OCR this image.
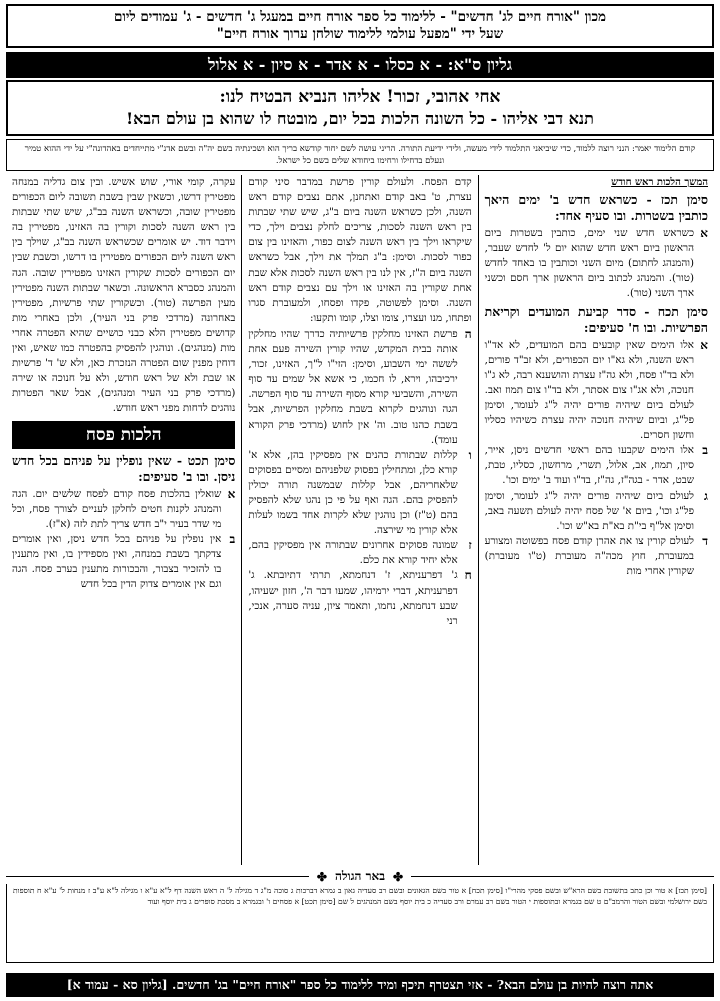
מכון "אורח חיים לג' חדשים" - ללימוד כל ספר אורח חיים במעגל ג' חדשים - ג' עמודים ליום
שעל ידי "מפעל עולמי ללימוד שולחן ערוך אורח חיים"
גליון ס"א: - א כסלו - א אדר - א סיון - א אלול
אחי אהובי, זכור! אליהו הנביא הבטיח לנו:
תנא דבי אליהו - כל השונה הלכות בכל יום, מובטח לו שהוא בן עולם הבא!
קודם הלימוד יאמר: הנני רוצה ללמוד, כדי שיביאני התלמוד לידי מעשה, ולידי ידיעת התורה. הריני עושה לשם יחוד קודשא בריך הוא ושכינתיה בשם יה"ה ובשם אדנ"י מתייחדים באהדונה"י על ידי ההוא טמיר ונעלם בדחילו ורחימו ביחודא שלים בשם כל ישראל.
המשך הלכות ראש חודש
סימן תכז - כשראש חדש ב' ימים היאך כותבין בשטרות. ובו סעיף אחד:
א
כשראש חדש שני ימים, כותבין בשטרות ביום הראשון ביום ראש חדש שהוא יום ל' לחדש שעבר, (והמנהג לחתום) מיום השני וכותבין בו באחד לחדש (טור). והמנהג לכתוב ביום הראשון ארך חסם וכשני ארך השני (טור).
סימן תכח - סדר קביעת המועדים וקריאת הפרשיות. ובו ח' סעיפים:
א
אלו הימים שאין קובעים בהם המועדים, לא אד"ו ראש השנה, ולא גא"ו יום הכפורים, ולא זב"ד פורים, ולא בד"ו פסח, ולא גה"ז עצרת והושענא רבה, לא ג"ו חנוכה, ולא אג"ו צום אסתר, ולא בד"ו צום תמוז ואב. לעולם ביום שיהיה פורים יהיה ל"ג לעומר, וסימן פל"ג, וביום שיהיה חנוכה יהיה עצרת כשיהיו כסליו וחשון חסרים.
ב
אלו הימים שקבעו בהם ראשי חדשים ניסן, אייר, סיון, תמוז, אב, אלול, תשרי, מרחשון, כסליו, טבת, שבט, אדר - בגה"ז, גה"ז, בד"ו ועוד ב' ימים וכו'.
ג
לעולם ביום שיהיה פורים יהיה ל"ג לעומר, וסימן פל"ג וכו', ביום א' של פסח יהיה לעולם תשעה באב, וסימן אל"ף בי"ת בא"ת בא"ש וכו'.
ד
לעולם קורין צו את אהרן קודם פסח בפשוטה ומצורע במעוברת, חוץ מכה"ה מעוברת (ט"ו מעוברת) שקורין אחרי מות

קדם הפסח. ולעולם קורין פרשת במדבר סיני קודם עצרת, ט' באב קודם ואתחנן, אתם נצבים קודם ראש השנה, ולכן כשראש השנה ביום ב"ג, שיש שתי שבתות בין ראש השנה לסכות, צריכים לחלק נצבים וילך, כדי שיקראו וילך בין ראש השנה לצום כפור, והאזינו בין צום כפור לסכות. וסימן: ב"ג תמלך את וילך, אבל כשראש השנה ביום ה"ז, אין לנו בין ראש השנה לסכות אלא שבת אחת שקורין בה האזינו או וילך עם נצבים קודם ראש השנה. וסימן לפשוטה, פקדו ופסחו, ולמעוברת סגרו ופתחו, מנו ועצרו, צומו וצלו, קומו ותקעו:

ה
פרשת האזינו מחלקין פרשיותיה כדרך שהיו מחלקין אותה בבית המקדש, שהיו קורין השירה פעם אחת לששה ימי השבוע, וסימן: הזי"ו ל"ך, האזינו, זכור, ירכיבהו, וירא, לו חכמו, כי אשא אל שמים עד סוף השירה, והשביעי קורא מסוף השירה עד סוף הפרשה. הגה ונוהגים לקרוא בשבת מחלקין הפרשיות, אבל בשבת כהנו טוב. וה' אין לחוש (מרדכי פרק הקורא עומד).
ו
קללות שבתורת כהנים אין מפסיקין בהן, אלא א' קורא כלן, ומתחילין בפסוק שלפניהם ומסיים בפסוקים שלאחריהם, אבל קללות שבמשנה תורה יכולין להפסיק בהם. הגה ואף על פי כן נהגו שלא להפסיק בהם (ט"ז) וכן נוהגין שלא לקרות אחד בשמו לעלות אלא קורין מי שירצה.
ז
שמונה פסוקים אחרונים שבתורה אין מפסיקין בהם, אלא יחיד קורא את כלם.
ח
ג' דפרעניתא, ז' דנחמתא, תרתי דתיובתא. ג' דפרעניתא, דברי ירמיהו, שמעו דבר ה', חזון ישעיהו, שבע דנחמתא, נחמו, ותאמר ציון, עניה סערה, אנכי, רני

עקרה, קומי אורי, שוש אשיש. ובין צום גדליה במנחה מפטירין דרשו, וכשאין שבין בשבת תשובה ליום הכפורים מפטירין שובה, וכשראש השנה בב"ג, שיש שתי שבתות בין ראש השנה לסכות וקורין בה האזינו, מפטירין בה וידבר דוד. יש אומרים שכשראש השנה בב"ג, שוילך בין ראש השנה ליום הכפורים מפטירין בו דרשו, וכשבת שבין יום הכפורים לסכות שקורין האזינו מפטירין שובה. הגה והמנהג כסברא הראשונה. וכשאר שבתות השנה מפטירין מעין הפרשה (טור). וכשקורין שתי פרשיות, מפטירין באחרונה (מרדכי פרק בני העיר), ולכן באחרי מות קדושים מפטירין הלא כבני כושיים שהיא הפטרה אחרי מות (מנהגים). ונוהגין להפסיק בהפטרה כמו שאיש, ואין דוחין מפנין שום הפטרה הנזכרת כאן, ולא ש' ד' פרשיות או שבת ולא של ראש חודש, ולא על חנוכה או שירה (מרדכי פרק בני העיר ומנהגים), אבל שאר הפטרות נוהגים לדחות מפני ראש חודש.

הלכות פסח
סימן תכט - שאין נופלין על פניהם בכל חדש ניסן. ובו ב' סעיפים:
א
שואלין בהלכות פסח קודם לפסח שלשים יום. הגה והמנהג לקנות חטים לחלקן לעניים לצורך פסח, וכל מי שדר בעיר י"ב חדש צריך לתת לזה (א"ז).
ב
אין נופלין על פניהם בכל חדש ניסן, ואין אומרים צדקתך בשבת במנחה, ואין מספידין בו, ואין מתענין בו להזכיר בצבור, והבכורות מתענין בערב פסח. הגה וגם אין אומרים צדוק הדין בכל חדש
✤
באר הגולה
✤
[סימן תכז] א טור וכן כתב בתשובת בשם הרא"ש ובשם פסקי מהרי"ו [סימן תכח] א טור בשם הגאונים ובשם רב סעדיה גאון ב גמרא דברכות ג סוכה מ"ג ד מגילה ל' ה ראש השנה דף ל"א ע"א ו מגילה ל"א ע"ב ז מנחות ל' ע"א ח תוספות בשם ירושלמי ובשם הטור והרמב"ם ט שם בגמרא ובתוספות י הטור בשם רב עמרם ורב סעדיה כ בית יוסף בשם המנהגים ל שם [סימן תכט] א פסחים ו' ובגמרא ב מסכת סופרים ג בית יוסף ועוד
אתה רוצה להיות בן עולם הבא? - אזי תצטרף תיכף ומיד ללימוד כל ספר "אורח חיים" בג' חדשים. [גליון סא - עמוד א]
